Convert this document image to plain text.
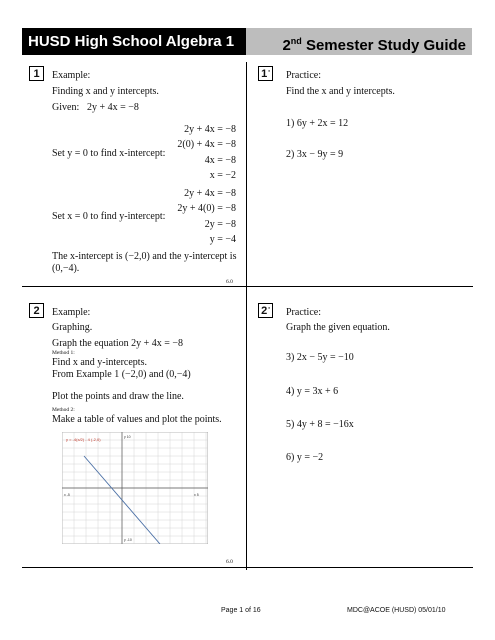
HUSD High School Algebra 1	2nd Semester Study Guide
1	Example:
Finding x and y intercepts.
Given: 2y + 4x = −8
Set y = 0 to find x-intercept:
2y + 4x = −8
2(0) + 4x = −8
4x = −8
x = −2
Set x = 0 to find y-intercept:
2y + 4x = −8
2y + 4(0) = −8
2y = −8
y = −4
The x-intercept is (−2,0) and the y-intercept is
(0,−4).
6.0
1 '	Practice:
Find the x and y intercepts.
1) 6y + 2x = 12
2) 3x − 9y = 9
2	Example:
Graphing.
Graph the equation 2y + 4x = −8
Method 1:
Find x and y-intercepts.
From Example 1 (−2,0) and (0,−4)
Plot the points and draw the line.
Method 2:
Make a table of values and plot the points.
y = -4(x/2) - 4 (-2,0)	y 10
x -5	x 5
y -10
6.0
2 '	Practice:
Graph the given equation.
3) 2x − 5y = −10
4) y = 3x + 6
5) 4y + 8 = −16x
6) y = −2
Page 1 of 16	MDC@ACOE (HUSD) 05/01/10
